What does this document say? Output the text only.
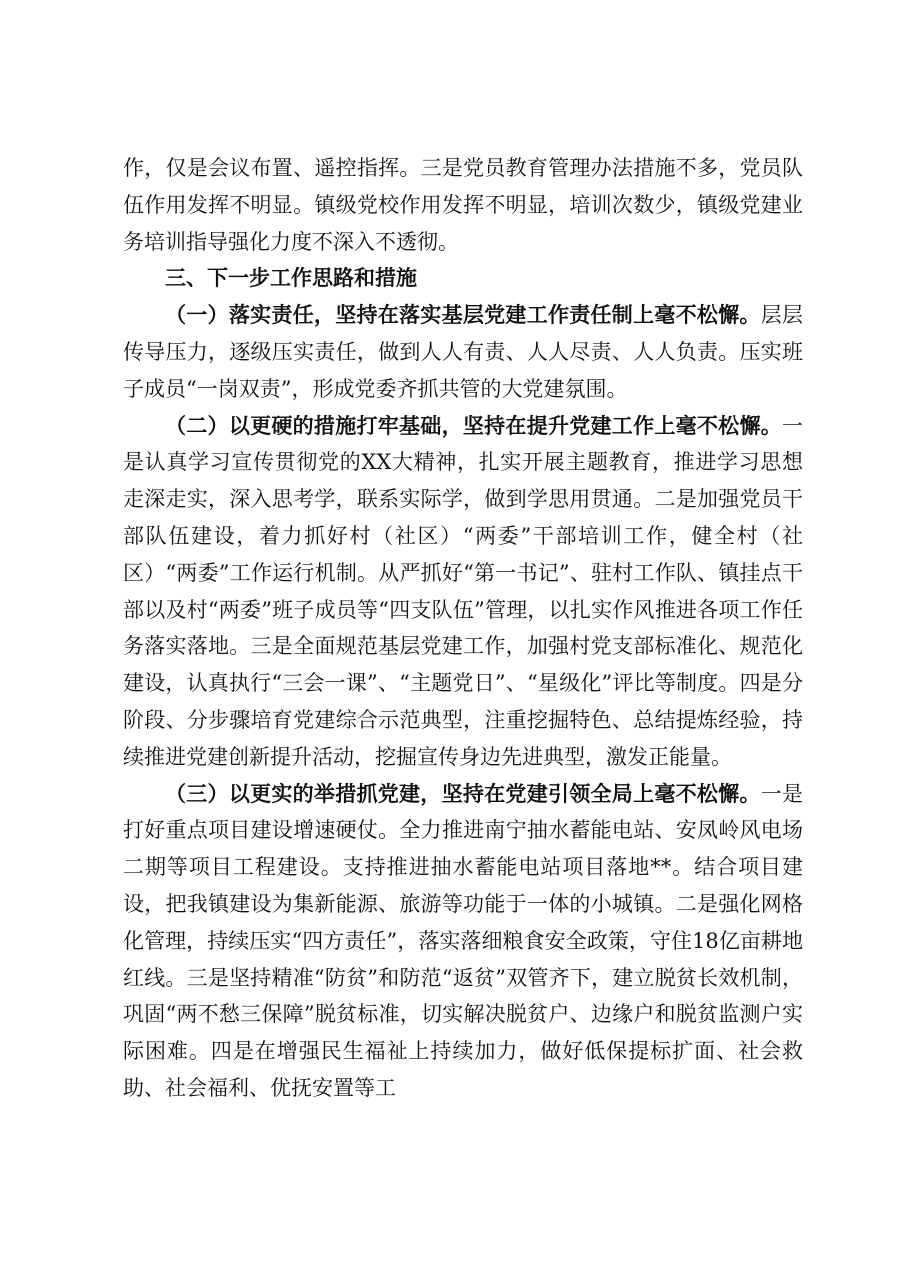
作，仅是会议布置、遥控指挥。三是党员教育管理办法措施不多，党员队伍作用发挥不明显。镇级党校作用发挥不明显，培训次数少，镇级党建业务培训指导强化力度不深入不透彻。

三、下一步工作思路和措施

（一）落实责任，坚持在落实基层党建工作责任制上毫不松懈。层层传导压力，逐级压实责任，做到人人有责、人人尽责、人人负责。压实班子成员“一岗双责”，形成党委齐抓共管的大党建氛围。

（二）以更硬的措施打牢基础，坚持在提升党建工作上毫不松懈。一是认真学习宣传贯彻党的XX大精神，扎实开展主题教育，推进学习思想走深走实，深入思考学，联系实际学，做到学思用贯通。二是加强党员干部队伍建设，着力抓好村（社区）“两委”干部培训工作，健全村（社区）“两委”工作运行机制。从严抓好“第一书记”、驻村工作队、镇挂点干部以及村“两委”班子成员等“四支队伍”管理，以扎实作风推进各项工作任务落实落地。三是全面规范基层党建工作，加强村党支部标准化、规范化建设，认真执行“三会一课”、“主题党日”、“星级化”评比等制度。四是分阶段、分步骤培育党建综合示范典型，注重挖掘特色、总结提炼经验，持续推进党建创新提升活动，挖掘宣传身边先进典型，激发正能量。

（三）以更实的举措抓党建，坚持在党建引领全局上毫不松懈。一是打好重点项目建设增速硬仗。全力推进南宁抽水蓄能电站、安凤岭风电场二期等项目工程建设。支持推进抽水蓄能电站项目落地**。结合项目建设，把我镇建设为集新能源、旅游等功能于一体的小城镇。二是强化网格化管理，持续压实“四方责任”，落实落细粮食安全政策，守住18亿亩耕地红线。三是坚持精准“防贫”和防范“返贫”双管齐下，建立脱贫长效机制，巩固“两不愁三保障”脱贫标准，切实解决脱贫户、边缘户和脱贫监测户实际困难。四是在增强民生福祉上持续加力，做好低保提标扩面、社会救助、社会福利、优抚安置等工
